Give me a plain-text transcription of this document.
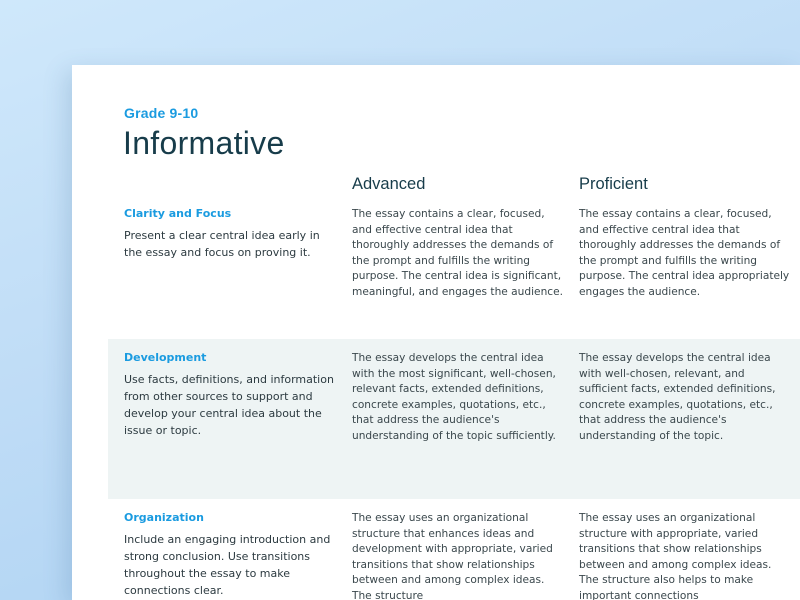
Grade 9-10
Informative
Advanced	Proficient
Clarity and Focus
Present a clear central idea early in the essay and focus on proving it.
The essay contains a clear, focused, and effective central idea that thoroughly addresses the demands of the prompt and fulfills the writing purpose. The central idea is significant, meaningful, and engages the audience.
The essay contains a clear, focused, and effective central idea that thoroughly addresses the demands of the prompt and fulfills the writing purpose. The central idea appropriately engages the audience.
Development
Use facts, definitions, and information from other sources to support and develop your central idea about the issue or topic.
The essay develops the central idea with the most significant, well-chosen, relevant facts, extended definitions, concrete examples, quotations, etc., that address the audience's understanding of the topic sufficiently.
The essay develops the central idea with well-chosen, relevant, and sufficient facts, extended definitions, concrete examples, quotations, etc., that address the audience's understanding of the topic.
Organization
Include an engaging introduction and strong conclusion. Use transitions throughout the essay to make connections clear.
The essay uses an organizational structure that enhances ideas and development with appropriate, varied transitions that show relationships between and among complex ideas. The structure
The essay uses an organizational structure with appropriate, varied transitions that show relationships between and among complex ideas. The structure also helps to make important connections
